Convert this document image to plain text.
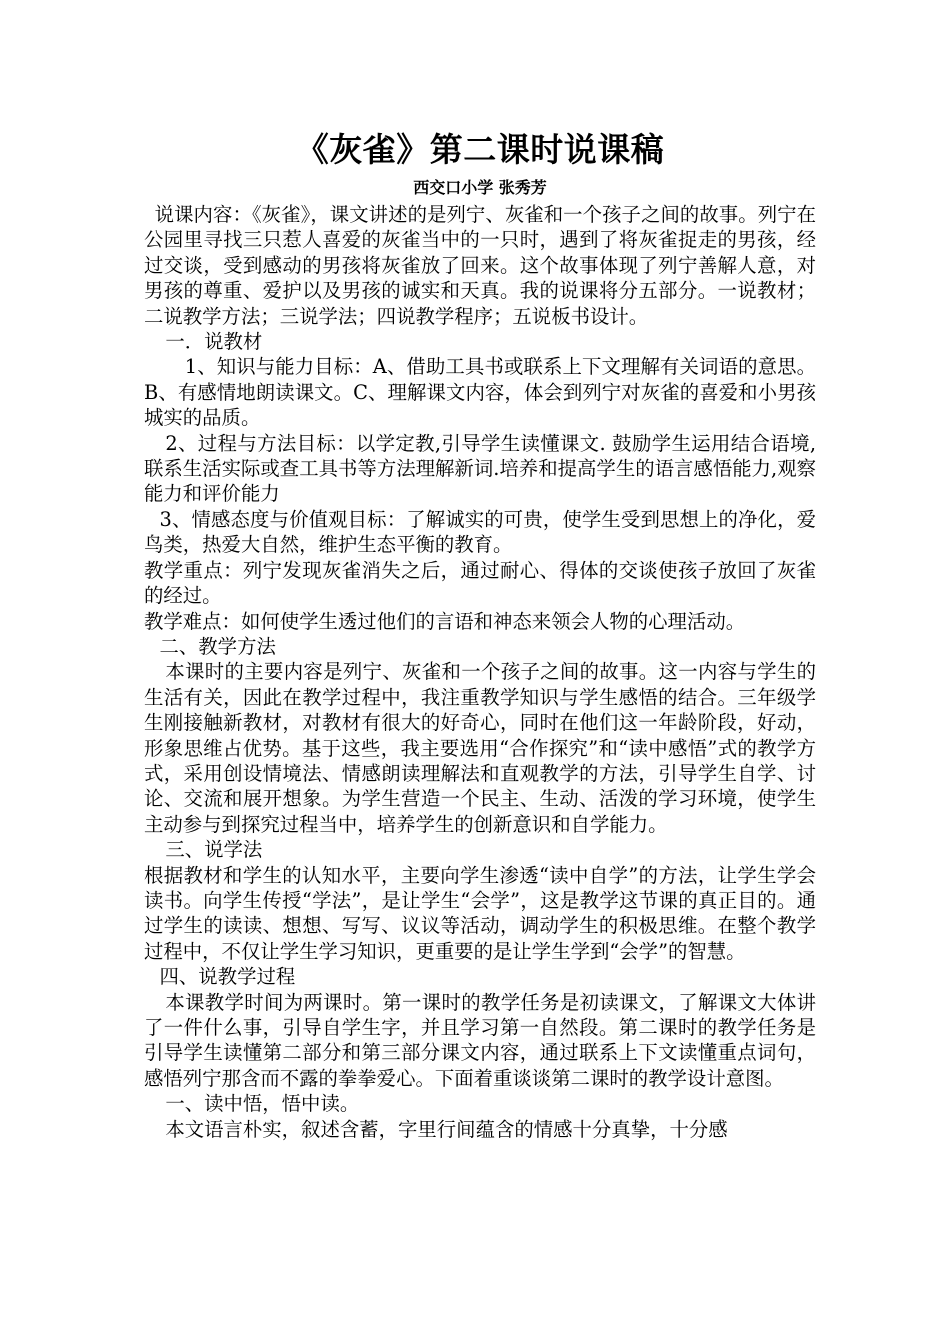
《灰雀》第二课时说课稿
西交口小学 张秀芳

说课内容：《灰雀》，课文讲述的是列宁、灰雀和一个孩子之间的故事。列宁在公园里寻找三只惹人喜爱的灰雀当中的一只时，遇到了将灰雀捉走的男孩，经过交谈，受到感动的男孩将灰雀放了回来。这个故事体现了列宁善解人意，对男孩的尊重、爱护以及男孩的诚实和天真。我的说课将分五部分。一说教材；二说教学方法；三说学法；四说教学程序；五说板书设计。

一．说教材

1、知识与能力目标：A、借助工具书或联系上下文理解有关词语的意思。B、有感情地朗读课文。C、理解课文内容，体会到列宁对灰雀的喜爱和小男孩城实的品质。

2、过程与方法目标：以学定教,引导学生读懂课文. 鼓励学生运用结合语境,联系生活实际或查工具书等方法理解新词.培养和提高学生的语言感悟能力,观察能力和评价能力

3、情感态度与价值观目标：了解诚实的可贵，使学生受到思想上的净化，爱鸟类，热爱大自然，维护生态平衡的教育。

教学重点：列宁发现灰雀消失之后，通过耐心、得体的交谈使孩子放回了灰雀的经过。

教学难点：如何使学生透过他们的言语和神态来领会人物的心理活动。

二、教学方法

本课时的主要内容是列宁、灰雀和一个孩子之间的故事。这一内容与学生的生活有关，因此在教学过程中，我注重教学知识与学生感悟的结合。三年级学生刚接触新教材，对教材有很大的好奇心，同时在他们这一年龄阶段，好动，形象思维占优势。基于这些，我主要选用“合作探究”和“读中感悟”式的教学方式，采用创设情境法、情感朗读理解法和直观教学的方法，引导学生自学、讨论、交流和展开想象。为学生营造一个民主、生动、活泼的学习环境，使学生主动参与到探究过程当中，培养学生的创新意识和自学能力。

三、说学法

根据教材和学生的认知水平，主要向学生渗透“读中自学”的方法，让学生学会读书。向学生传授“学法”，是让学生“会学”，这是教学这节课的真正目的。通过学生的读读、想想、写写、议议等活动，调动学生的积极思维。在整个教学过程中，不仅让学生学习知识，更重要的是让学生学到“会学”的智慧。

四、说教学过程

本课教学时间为两课时。第一课时的教学任务是初读课文，了解课文大体讲了一件什么事，引导自学生字，并且学习第一自然段。第二课时的教学任务是引导学生读懂第二部分和第三部分课文内容，通过联系上下文读懂重点词句，感悟列宁那含而不露的拳拳爱心。下面着重谈谈第二课时的教学设计意图。

一、读中悟，悟中读。

本文语言朴实，叙述含蓄，字里行间蕴含的情感十分真挚，十分感
